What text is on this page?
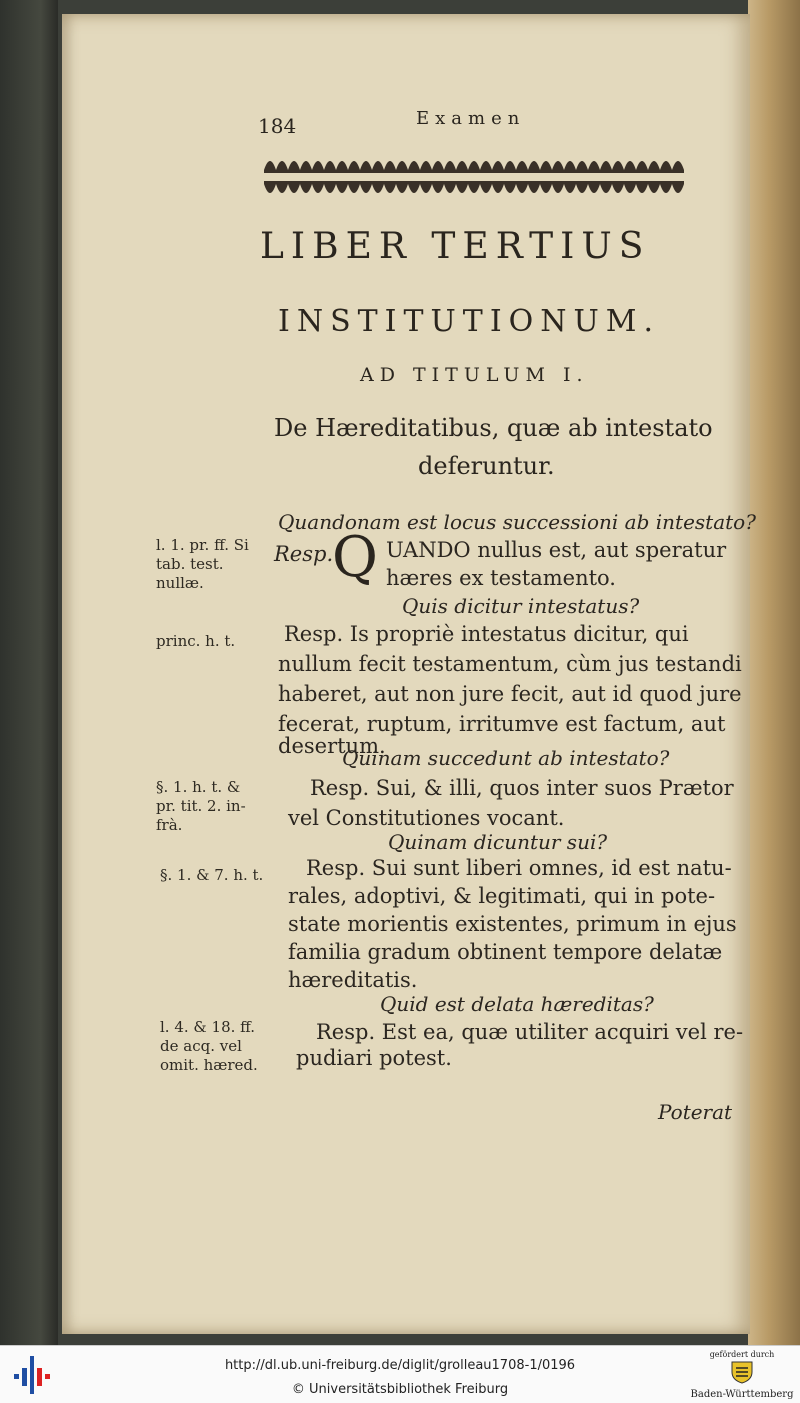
184	Examen
LIBER TERTIUS
INSTITUTIONUM.
AD TITULUM I.
De Hæreditatibus, quæ ab intestato
deferuntur.
Quandonam est locus successioni ab intestato?
l. 1. pr. ff. Si
tab. test.
nullæ.
Resp.
Q UANDO nullus est, aut speratur
hæres ex testamento.
Quis dicitur intestatus?
princ. h. t. Resp. Is propriè intestatus dicitur, qui
nullum fecit testamentum, cùm jus testandi
haberet, aut non jure fecit, aut id quod jure
fecerat, ruptum, irritumve est factum, aut
desertum.
Quinam succedunt ab intestato?
§. 1. h. t. &
pr. tit. 2. in-
frà.
Resp. Sui, & illi, quos inter suos Prætor
vel Constitutiones vocant.
Quinam dicuntur sui?
§. 1. & 7. h. t. Resp. Sui sunt liberi omnes, id est natu-
rales, adoptivi, & legitimati, qui in pote-
state morientis existentes, primum in ejus
familia gradum obtinent tempore delatæ
hæreditatis.
Quid est delata hæreditas?
l. 4. & 18. ff.
de acq. vel
omit. hæred.
Resp. Est ea, quæ utiliter acquiri vel re-
pudiari potest.
Poterat
http://dl.ub.uni-freiburg.de/diglit/grolleau1708-1/0196
© Universitätsbibliothek Freiburg
gefördert durch
Baden-Württemberg
